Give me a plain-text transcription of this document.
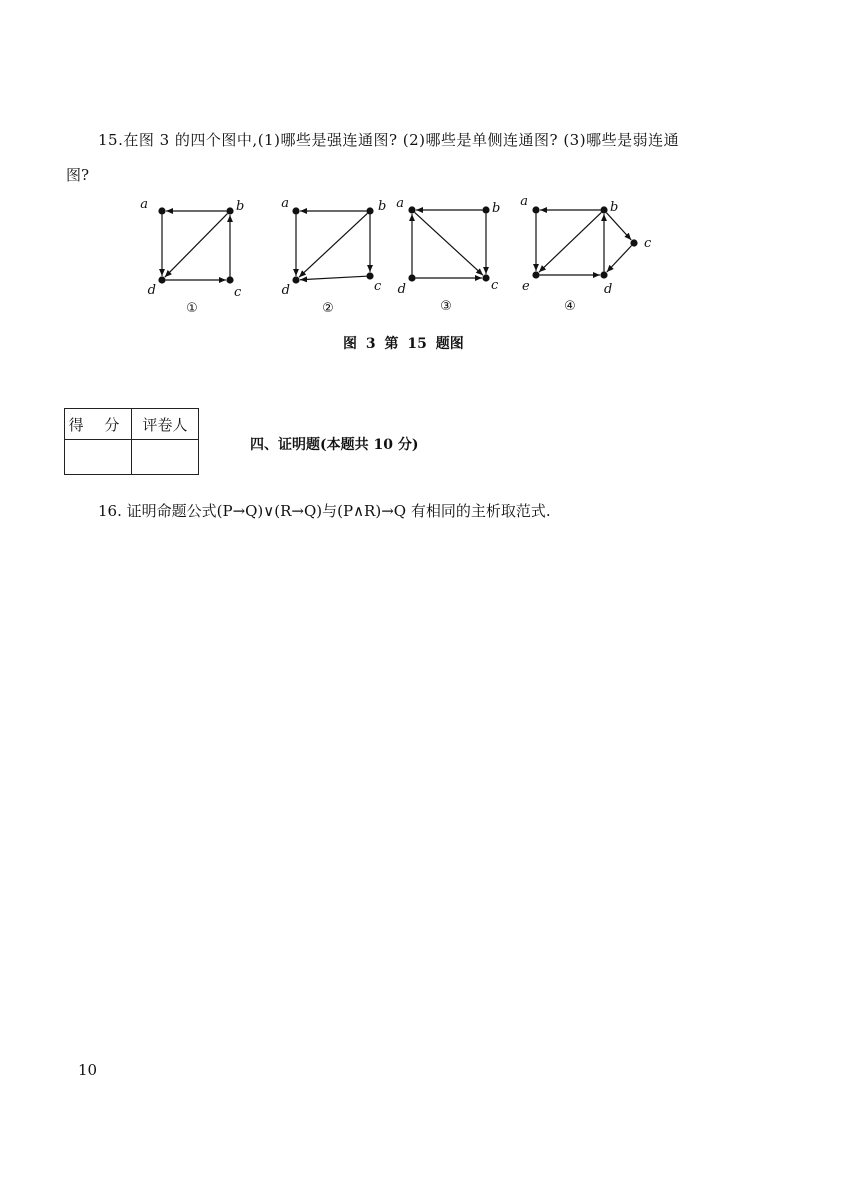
15.在图 3 的四个图中,(1)哪些是强连通图? (2)哪些是单侧连通图? (3)哪些是弱连通
图?
a	b
c
d
①
a	b
c
d
②
a	b
c
d
③
a	b
c
d
e
④
图 3 第 15 题图
得 分	评卷人

四、证明题(本题共 10 分)
16. 证明命题公式(P→Q)∨(R→Q)与(P∧R)→Q 有相同的主析取范式.
10
